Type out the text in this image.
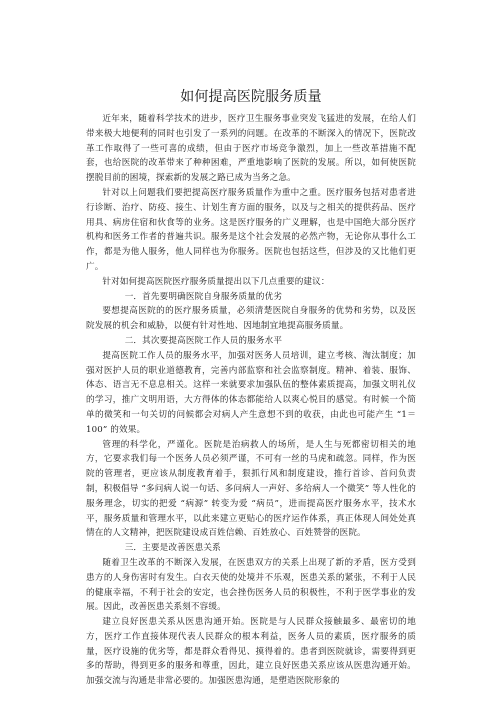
如何提高医院服务质量

近年来，随着科学技术的进步，医疗卫生服务事业突发飞猛进的发展，在给人们带来极大地便利的同时也引发了一系列的问题。在改革的不断深入的情况下，医院改革工作取得了一些可喜的成绩，但由于医疗市场竞争激烈，加上一些改革措施不配套，也给医院的改革带来了种种困难，严重地影响了医院的发展。所以，如何使医院摆脱目前的困境，探索新的发展之路已成为当务之急。

针对以上问题我们要把提高医疗服务质量作为重中之重。医疗服务包括对患者进行诊断、治疗、防疫、接生、计划生育方面的服务，以及与之相关的提供药品、医疗用具、病房住宿和伙食等的业务。这是医疗服务的广义理解，也是中国绝大部分医疗机构和医务工作者的普遍共识。服务是这个社会发展的必然产物，无论你从事什么工作，都是为他人服务，他人同样也为你服务。医院也包括这些，但涉及的又比他们更广。

针对如何提高医院医疗服务质量提出以下几点重要的建议：

一．首先要明确医院自身服务质量的优劣

要想提高医院的的医疗服务质量，必须清楚医院自身服务的优势和劣势，以及医院发展的机会和威胁，以便有针对性地、因地制宜地提高服务质量。

二．其次要提高医院工作人员的服务水平

提高医院工作人员的服务水平，加强对医务人员培训，建立考核、淘汰制度；加强对医护人员的职业道德教育，完善内部监察和社会监察制度。精神、着装、服饰、体态、语言无不息息相关。这样一来就要求加强队伍的整体素质提高，加强文明礼仪的学习，推广文明用语，大方得体的体态都能给人以爽心悦目的感觉。有时候一个简单的微笑和一句关切的问候都会对病人产生意想不到的收获，由此也可能产生 “1＝100” 的效果。

管理的科学化，严谨化。医院是治病救人的场所，是人生与死都密切相关的地方，它要求我们每一个医务人员必须严谨，不可有一丝的马虎和疏忽。同样，作为医院的管理者，更应该从制度教育着手，狠抓行风和制度建设，推行首诊、首问负责制，积极倡导 “多问病人说一句话、多问病人一声好、多给病人一个微笑” 等人性化的服务理念，切实的把爱 “病源” 转变为爱 “病员”，进而提高医疗服务水平，技术水平，服务质量和管理水平，以此来建立更贴心的医疗运作体系，真正体现人间处处真情在的人文精神，把医院建设成百姓信赖、百姓放心、百姓赞誉的医院。

三．主要是改善医患关系

随着卫生改革的不断深入发展，在医患双方的关系上出现了新的矛盾，医方受到患方的人身伤害时有发生。白衣天使的处境并不乐观，医患关系的紧张，不利于人民的健康幸福，不利于社会的安定，也会挫伤医务人员的积极性，不利于医学事业的发展。因此，改善医患关系刻不容缓。

建立良好医患关系从医患沟通开始。医院是与人民群众接触最多、最密切的地方，医疗工作直接体现代表人民群众的根本利益，医务人员的素质，医疗服务的质量，医疗设施的优劣等，都是群众看得见、摸得着的。患者到医院就诊，需要得到更多的帮助，得到更多的服务和尊重，因此，建立良好医患关系应该从医患沟通开始。加强交流与沟通是非常必要的。加强医患沟通，是塑造医院形象的
